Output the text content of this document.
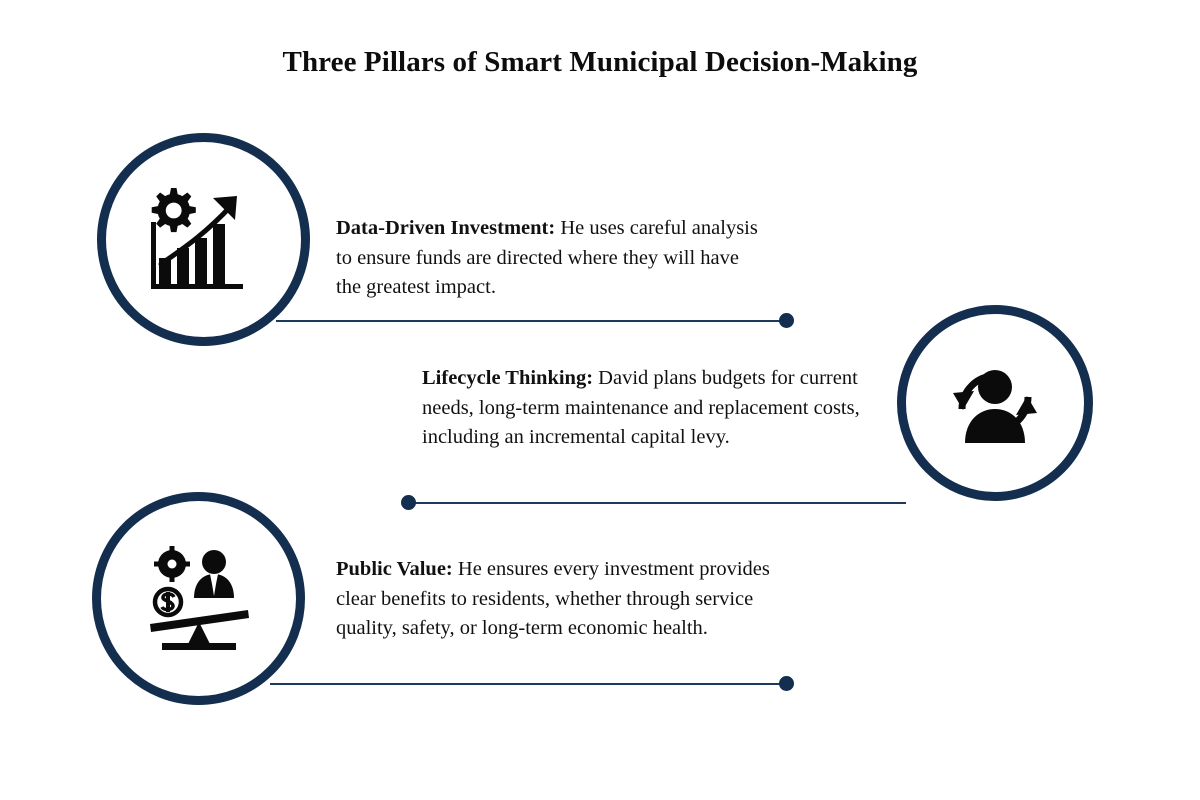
Three Pillars of Smart Municipal Decision-Making
Data-Driven Investment: He uses careful analysis to ensure funds are directed where they will have the greatest impact.
Lifecycle Thinking: David plans budgets for current needs, long-term maintenance and replacement costs, including an incremental capital levy.
Public Value: He ensures every investment provides clear benefits to residents, whether through service quality, safety, or long-term economic health.
